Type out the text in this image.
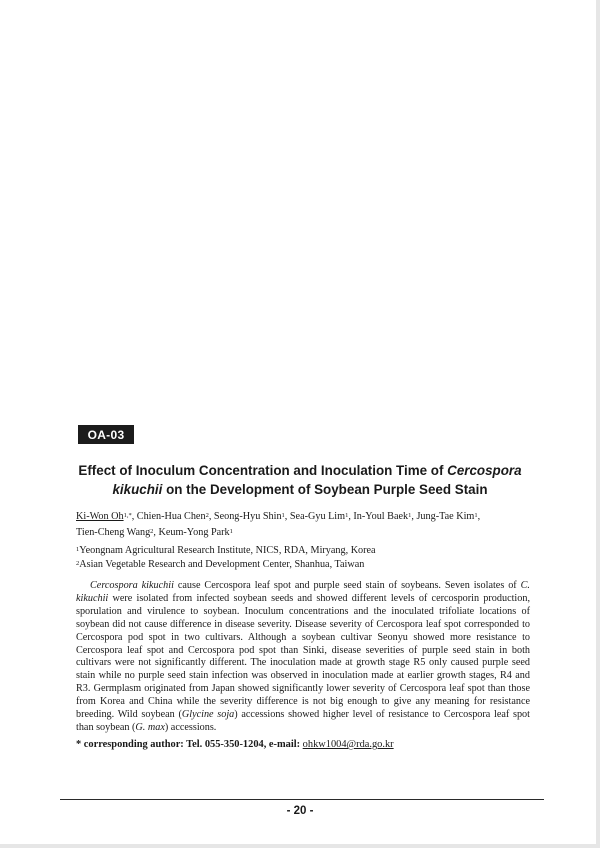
OA-03
Effect of Inoculum Concentration and Inoculation Time of Cercospora kikuchii on the Development of Soybean Purple Seed Stain
Ki-Won $Oh^{1,*}$, Chien-Hua Chen$^2$, Seong-Hyu Shin$^1$, Sea-Gyu Lim$^1$, In-Youl Baek$^1$, Jung-Tae Kim$^1$,
Tien-Cheng Wang$^2$, Keum-Yong Park$^1$
$^1$Yeongnam Agricultural Research Institute, NICS, RDA, Miryang, Korea
$^2$Asian Vegetable Research and Development Center, Shanhua, Taiwan
Cercospora kikuchii cause Cercospora leaf spot and purple seed stain of soybeans. Seven isolates of C. kikuchii were isolated from infected soybean seeds and showed different levels of cercosporin production, sporulation and virulence to soybean. Inoculum concentrations and the inoculated trifoliate locations of soybean did not cause difference in disease severity. Disease severity of Cercospora leaf spot corresponded to Cercospora pod spot in two cultivars. Although a soybean cultivar Seonyu showed more resistance to Cercospora leaf spot and Cercospora pod spot than Sinki, disease severities of purple seed stain in both cultivars were not significantly different. The inoculation made at growth stage R5 only caused purple seed stain while no purple seed stain infection was observed in inoculation made at earlier growth stages, R4 and R3. Germplasm originated from Japan showed significantly lower severity of Cercospora leaf spot than those from Korea and China while the severity difference is not big enough to give any meaning for resistance breeding. Wild soybean (Glycine soja) accessions showed higher level of resistance to Cercospora leaf spot than soybean (G. max) accessions.
* corresponding author: Tel. 055-350-1204, e-mail: ohkw1004@rda.go.kr
- 20 -
